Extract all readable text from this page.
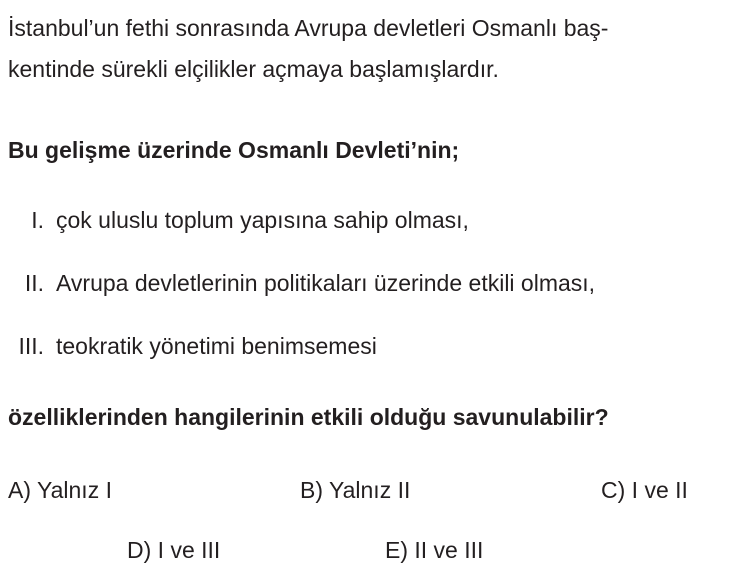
İstanbul’un fethi sonrasında Avrupa devletleri Osmanlı baş-
kentinde sürekli elçilikler açmaya başlamışlardır.
Bu gelişme üzerinde Osmanlı Devleti’nin;
I. çok uluslu toplum yapısına sahip olması,
II. Avrupa devletlerinin politikaları üzerinde etkili olması,
III. teokratik yönetimi benimsemesi
özelliklerinden hangilerinin etkili olduğu savunulabilir?
A) Yalnız I	B) Yalnız II	C) I ve II
D) I ve III	E) II ve III
